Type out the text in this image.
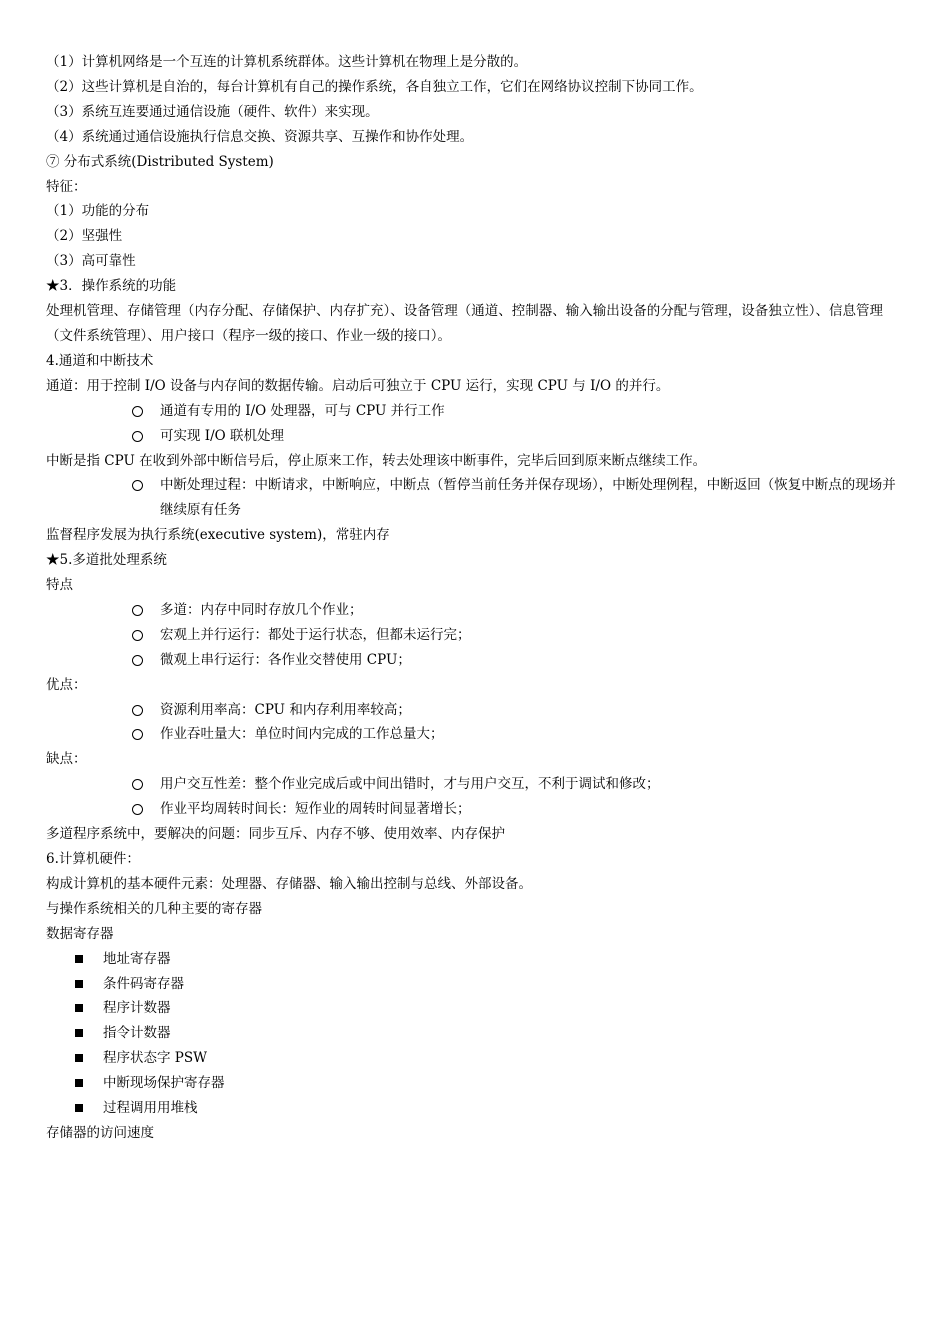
（1）计算机网络是一个互连的计算机系统群体。这些计算机在物理上是分散的。
（2）这些计算机是自治的，每台计算机有自己的操作系统，各自独立工作，它们在网络协议控制下协同工作。
（3）系统互连要通过通信设施（硬件、软件）来实现。
（4）系统通过通信设施执行信息交换、资源共享、互操作和协作处理。
⑦ 分布式系统(Distributed System)
特征：
（1）功能的分布
（2）坚强性
（3）高可靠性
★3．操作系统的功能
处理机管理、存储管理（内存分配、存储保护、内存扩充）、设备管理（通道、控制器、输入输出设备的分配与管理，设备独立性）、信息管理（文件系统管理）、用户接口（程序一级的接口、作业一级的接口）。
4.通道和中断技术
通道：用于控制 I/O 设备与内存间的数据传输。启动后可独立于 CPU 运行，实现 CPU 与 I/O 的并行。
通道有专用的 I/O 处理器，可与 CPU 并行工作
可实现 I/O 联机处理
中断是指 CPU 在收到外部中断信号后，停止原来工作，转去处理该中断事件，完毕后回到原来断点继续工作。
中断处理过程：中断请求，中断响应，中断点（暂停当前任务并保存现场），中断处理例程，中断返回（恢复中断点的现场并继续原有任务
监督程序发展为执行系统(executive system)，常驻内存
★5.多道批处理系统
特点
多道：内存中同时存放几个作业；
宏观上并行运行：都处于运行状态，但都未运行完；
微观上串行运行：各作业交替使用 CPU；
优点：
资源利用率高：CPU 和内存利用率较高；
作业吞吐量大：单位时间内完成的工作总量大；
缺点：
用户交互性差：整个作业完成后或中间出错时，才与用户交互，不利于调试和修改；
作业平均周转时间长：短作业的周转时间显著增长；
多道程序系统中，要解决的问题：同步互斥、内存不够、使用效率、内存保护
6.计算机硬件：
构成计算机的基本硬件元素：处理器、存储器、输入输出控制与总线、外部设备。
与操作系统相关的几种主要的寄存器
数据寄存器
地址寄存器
条件码寄存器
程序计数器
指令计数器
程序状态字 PSW
中断现场保护寄存器
过程调用用堆栈
存储器的访问速度
